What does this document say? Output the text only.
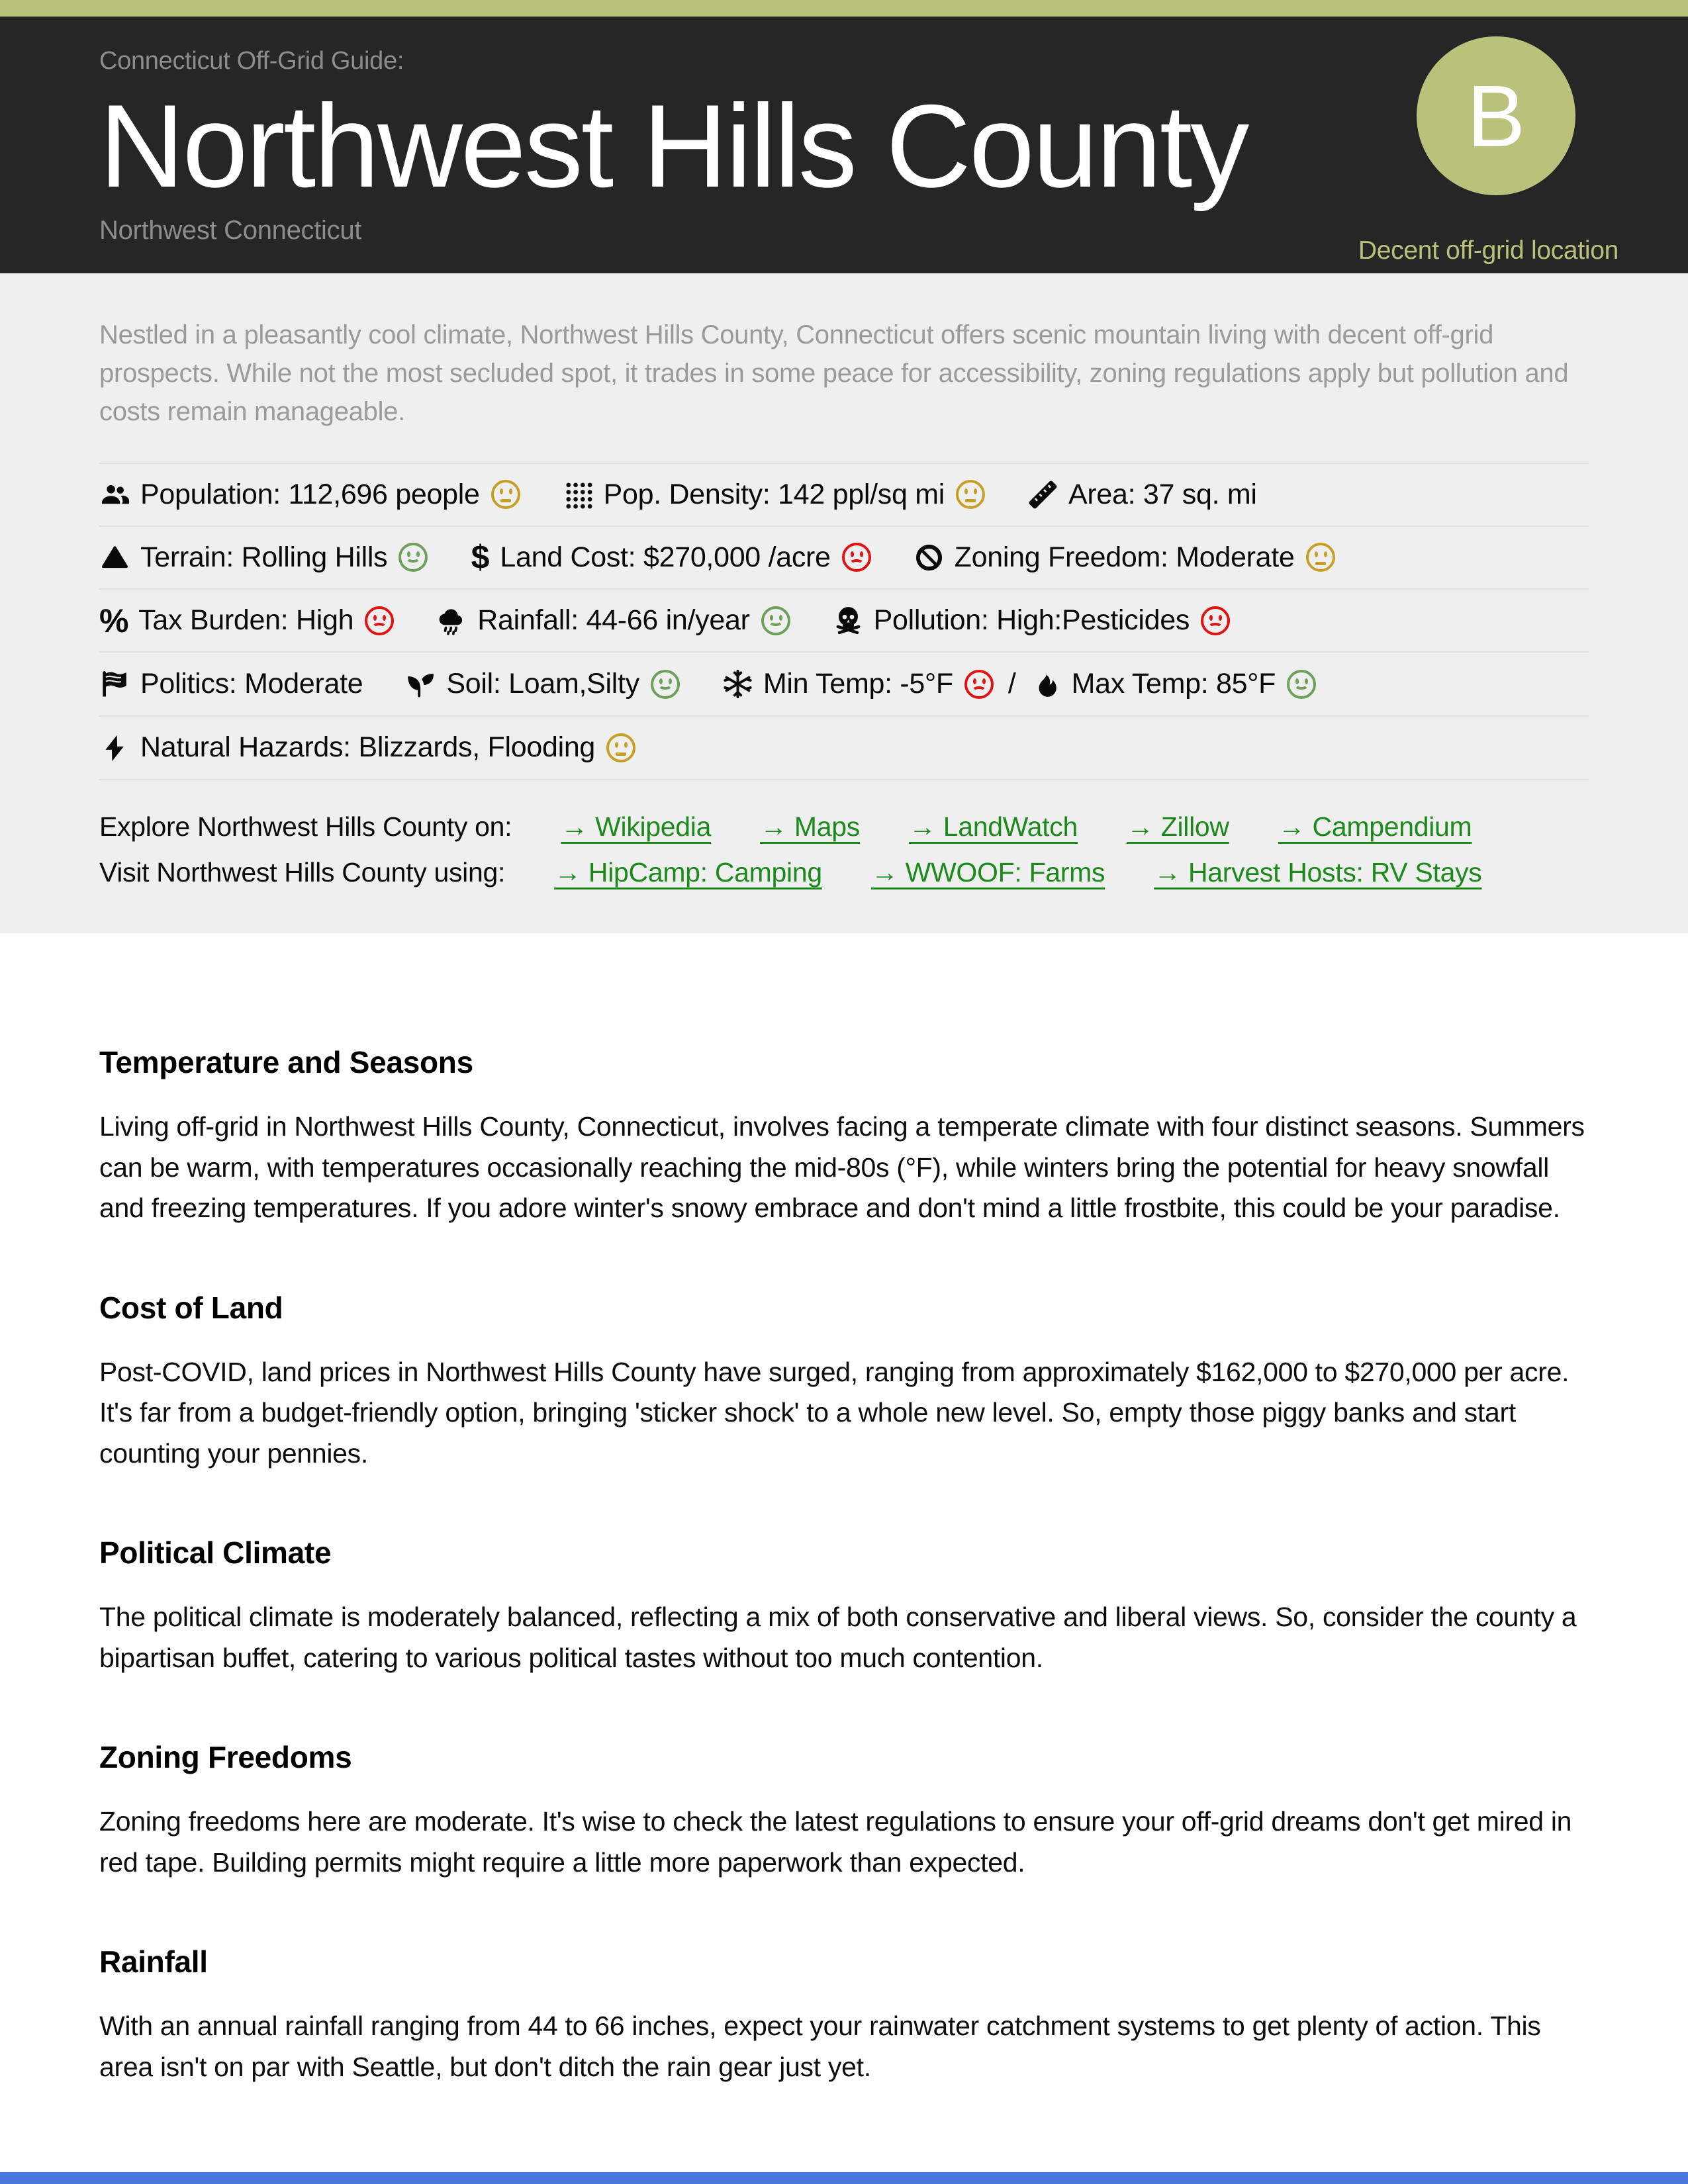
Connecticut Off-Grid Guide:

Northwest Hills County

Northwest Connecticut

B

Decent off-grid location

Nestled in a pleasantly cool climate, Northwest Hills County, Connecticut offers scenic mountain living with decent off-grid prospects. While not the most secluded spot, it trades in some peace for accessibility, zoning regulations apply but pollution and costs remain manageable.

Population: 112,696 people	Pop. Density: 142 ppl/sq mi	Area: 37 sq. mi
Terrain: Rolling Hills	$ Land Cost: $270,000 /acre	Zoning Freedom: Moderate
% Tax Burden: High	Rainfall: 44-66 in/year	Pollution: High:Pesticides
Politics: Moderate	Soil: Loam,Silty	Min Temp: -5°F / Max Temp: 85°F
Natural Hazards: Blizzards, Flooding
Explore Northwest Hills County on: → Wikipedia → Maps → LandWatch → Zillow → Campendium
Visit Northwest Hills County using: → HipCamp: Camping → WWOOF: Farms → Harvest Hosts: RV Stays
Temperature and Seasons

Living off-grid in Northwest Hills County, Connecticut, involves facing a temperate climate with four distinct seasons. Summers can be warm, with temperatures occasionally reaching the mid-80s (°F), while winters bring the potential for heavy snowfall and freezing temperatures. If you adore winter's snowy embrace and don't mind a little frostbite, this could be your paradise.

Cost of Land

Post-COVID, land prices in Northwest Hills County have surged, ranging from approximately $162,000 to $270,000 per acre. It's far from a budget-friendly option, bringing 'sticker shock' to a whole new level. So, empty those piggy banks and start counting your pennies.

Political Climate

The political climate is moderately balanced, reflecting a mix of both conservative and liberal views. So, consider the county a bipartisan buffet, catering to various political tastes without too much contention.

Zoning Freedoms

Zoning freedoms here are moderate. It's wise to check the latest regulations to ensure your off-grid dreams don't get mired in red tape. Building permits might require a little more paperwork than expected.

Rainfall

With an annual rainfall ranging from 44 to 66 inches, expect your rainwater catchment systems to get plenty of action. This area isn't on par with Seattle, but don't ditch the rain gear just yet.
